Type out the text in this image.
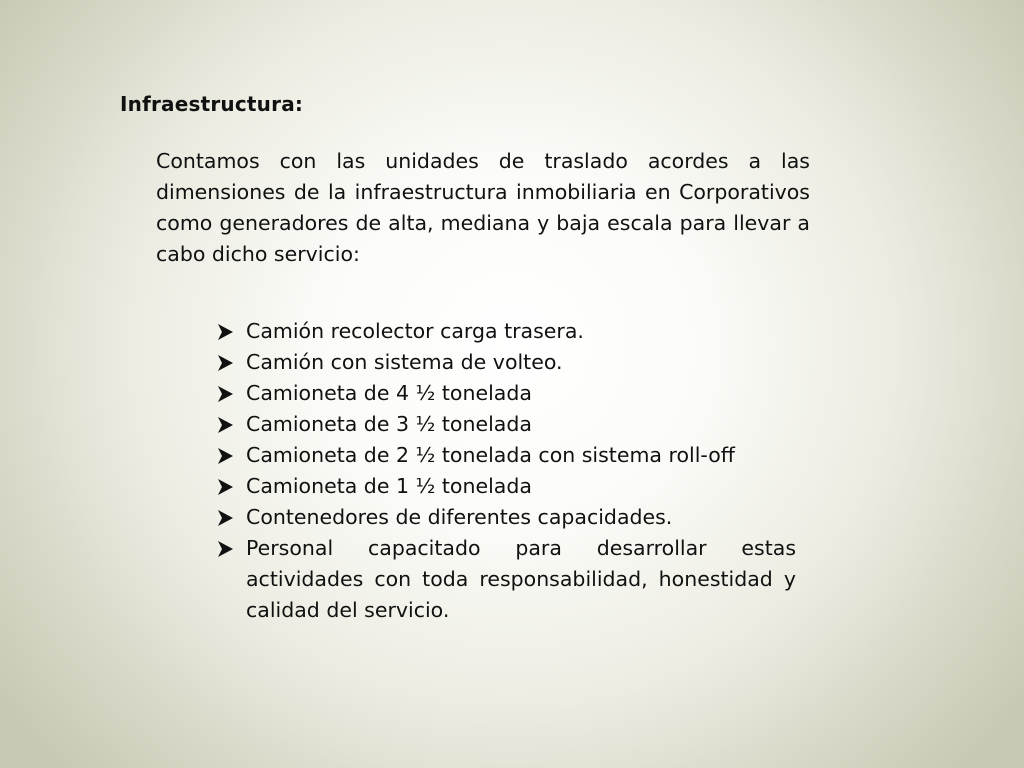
Infraestructura:

Contamos con las unidades de traslado acordes a las dimensiones de la infraestructura inmobiliaria en Corporativos como generadores de alta, mediana y baja escala para llevar a cabo dicho servicio:

Camión recolector carga trasera.
Camión con sistema de volteo.
Camioneta de 4 ½ tonelada
Camioneta de 3 ½ tonelada
Camioneta de 2 ½ tonelada con sistema roll-off
Camioneta de 1 ½ tonelada
Contenedores de diferentes capacidades.
Personal capacitado para desarrollar estas actividades con toda responsabilidad, honestidad y calidad del servicio.
